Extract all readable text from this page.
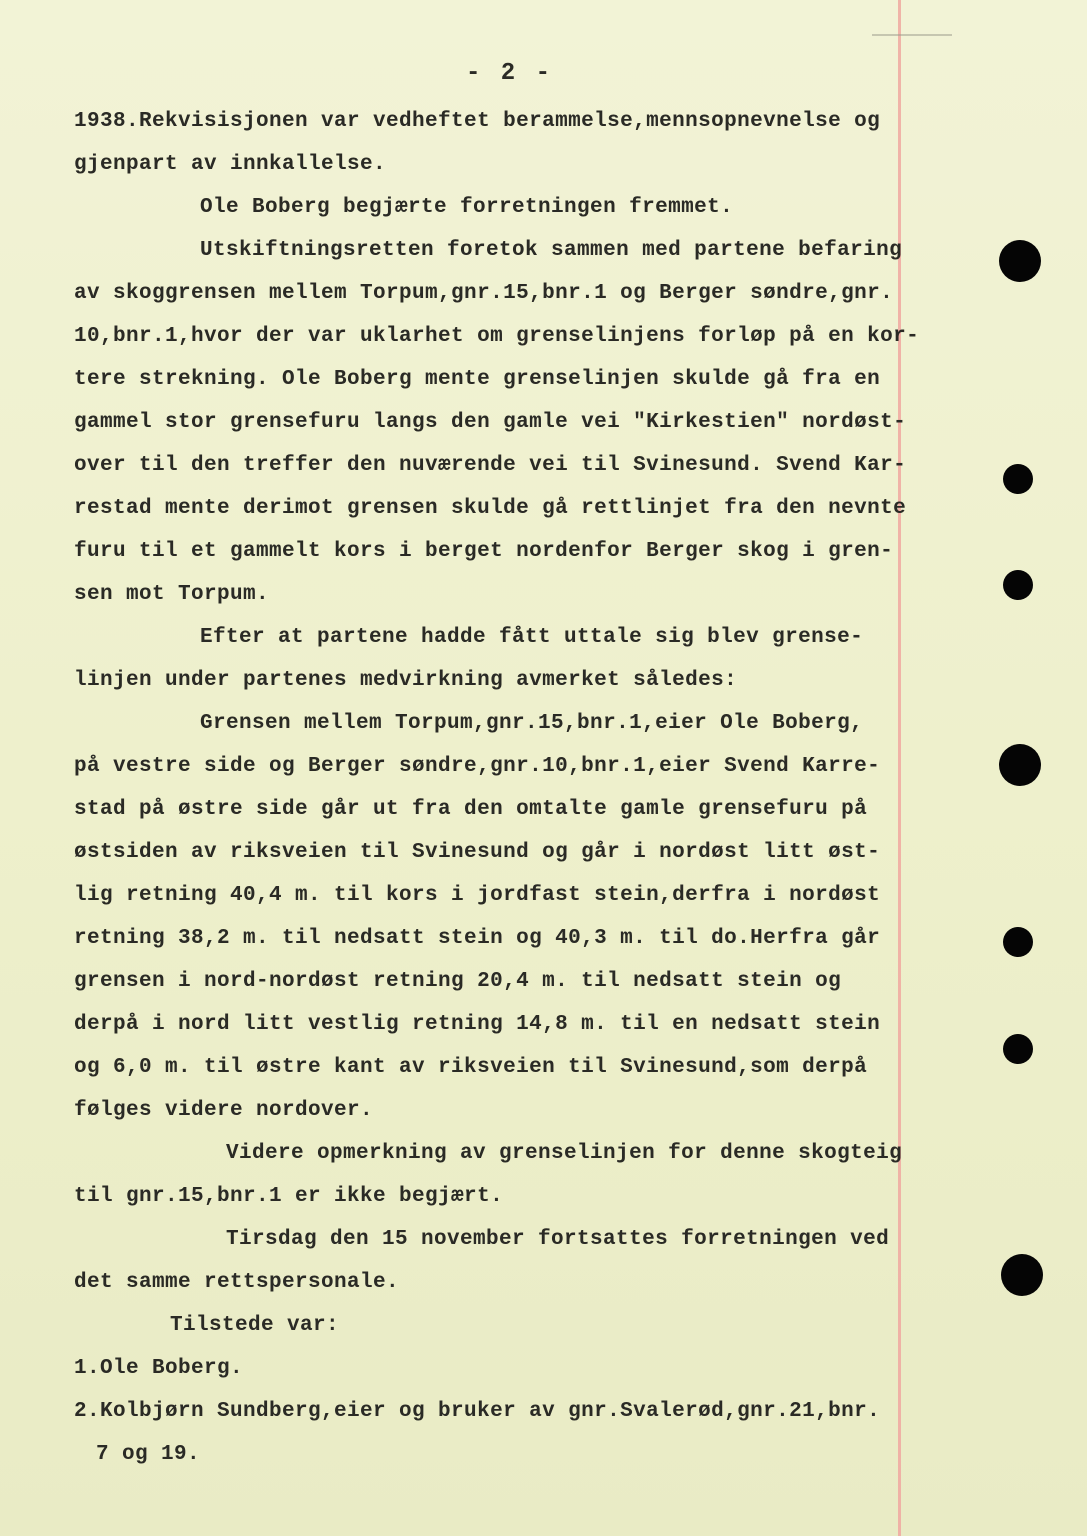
- 2 -
1938.Rekvisisjonen var vedheftet berammelse,mennsopnevnelse og
gjenpart av innkallelse.
Ole Boberg begjærte forretningen fremmet.
Utskiftningsretten foretok sammen med partene befaring
av skoggrensen mellem Torpum,gnr.15,bnr.1 og Berger søndre,gnr.
10,bnr.1,hvor der var uklarhet om grenselinjens forløp på en kor-
tere strekning. Ole Boberg mente grenselinjen skulde gå fra en
gammel stor grensefuru langs den gamle vei "Kirkestien" nordøst-
over til den treffer den nuværende vei til Svinesund. Svend Kar-
restad mente derimot grensen skulde gå rettlinjet fra den nevnte
furu til et gammelt kors i berget nordenfor Berger skog i gren-
sen mot Torpum.
Efter at partene hadde fått uttale sig blev grense-
linjen under partenes medvirkning avmerket således:
Grensen mellem Torpum,gnr.15,bnr.1,eier Ole Boberg,
på vestre side og Berger søndre,gnr.10,bnr.1,eier Svend Karre-
stad på østre side går ut fra den omtalte gamle grensefuru på
østsiden av riksveien til Svinesund og går i nordøst litt øst-
lig retning 40,4 m. til kors i jordfast stein,derfra i nordøst
retning 38,2 m. til nedsatt stein og 40,3 m. til do.Herfra går
grensen i nord-nordøst retning 20,4 m. til nedsatt stein og
derpå i nord litt vestlig retning 14,8 m. til en nedsatt stein
og 6,0 m. til østre kant av riksveien til Svinesund,som derpå
følges videre nordover.
Videre opmerkning av grenselinjen for denne skogteig
til gnr.15,bnr.1 er ikke begjært.
Tirsdag den 15 november fortsattes forretningen ved
det samme rettspersonale.
Tilstede var:
1.Ole Boberg.
2.Kolbjørn Sundberg,eier og bruker av gnr.Svalerød,gnr.21,bnr.
7 og 19.
